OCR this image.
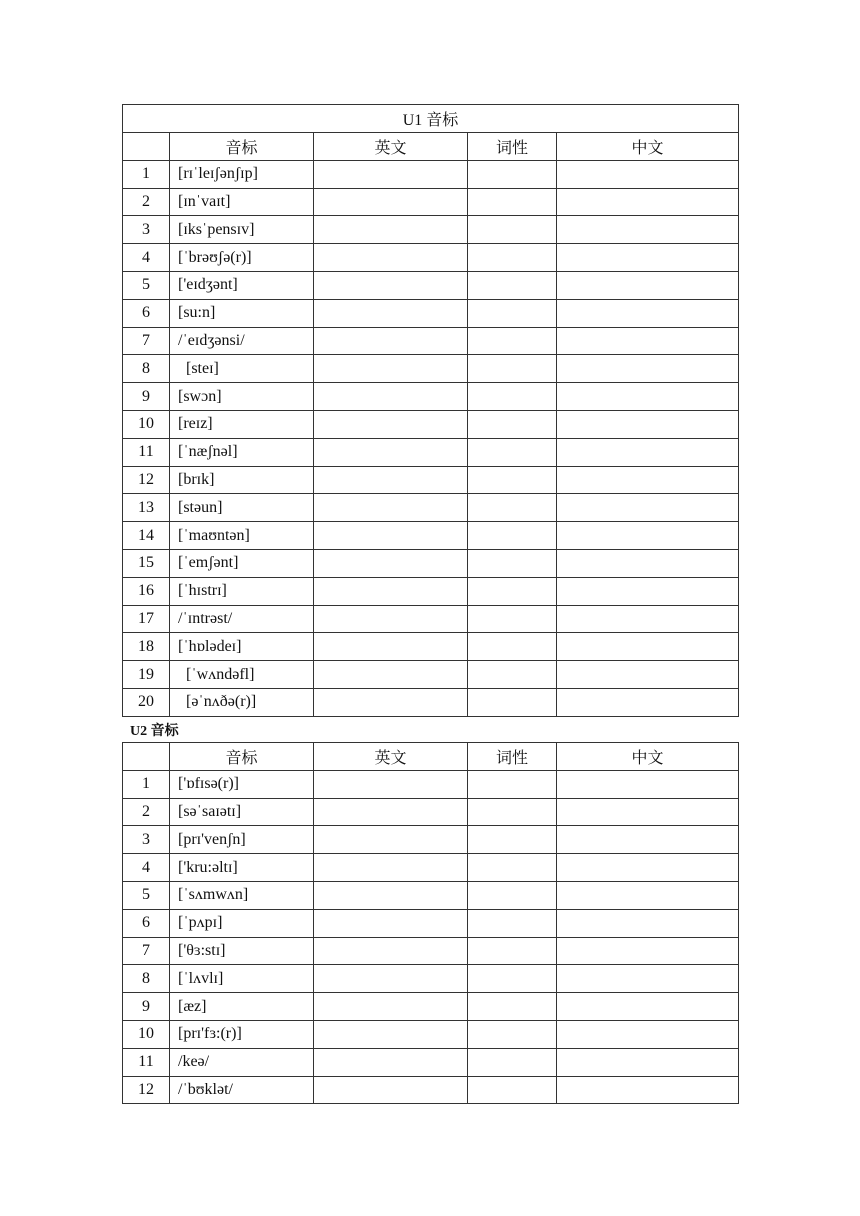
U1 音标				
	音标	英文	词性	中文
1	[rɪˈleɪʃənʃɪp]			
2	[ɪnˈvaɪt]			
3	[ɪksˈpensɪv]			
4	[ˈbrəʊʃə(r)]			
5	['eɪdʒənt]			
6	[su:n]			
7	/ˈeɪdʒənsi/			
8	[steɪ]			
9	[swɔn]			
10	[reɪz]			
11	[ˈnæʃnəl]			
12	[brɪk]			
13	[stəun]			
14	[ˈmaʊntən]			
15	[ˈemʃənt]			
16	[ˈhɪstrɪ]			
17	/ˈɪntrəst/			
18	[ˈhɒlədeɪ]			
19	[ˈwʌndəfl]			
20	[əˈnʌðə(r)]			
U2 音标
	音标	英文	词性	中文
1	['ɒfɪsə(r)]			
2	[səˈsaɪətɪ]			
3	[prɪ'venʃn]			
4	['kru:əltɪ]			
5	[ˈsʌmwʌn]			
6	[ˈpʌpɪ]			
7	['θɜ:stɪ]			
8	[ˈlʌvlɪ]			
9	[æz]			
10	[prɪ'fɜ:(r)]			
11	/keə/			
12	/ˈbʊklət/			
